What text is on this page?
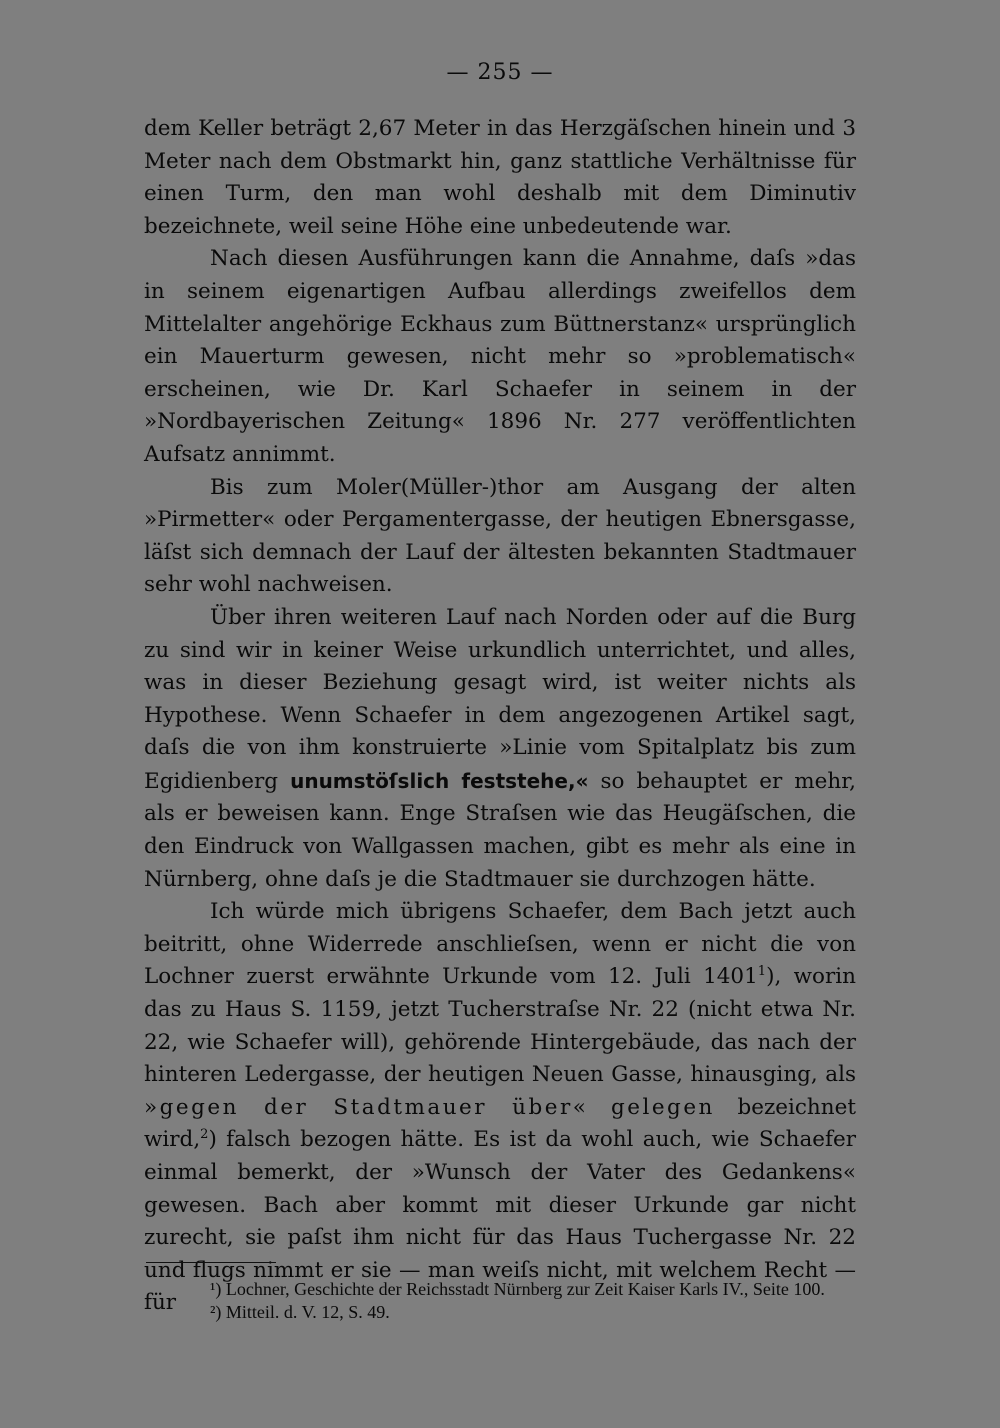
— 255 —

dem Keller beträgt 2,67 Meter in das Herzgäſschen hinein und 3 Meter nach dem Obstmarkt hin, ganz stattliche Verhältnisse für einen Turm, den man wohl deshalb mit dem Diminutiv bezeichnete, weil seine Höhe eine unbedeutende war.

Nach diesen Ausführungen kann die Annahme, daſs »das in seinem eigenartigen Aufbau allerdings zweifellos dem Mittelalter angehörige Eckhaus zum Büttnerstanz« ursprünglich ein Mauerturm gewesen, nicht mehr so »problematisch« erscheinen, wie Dr. Karl Schaefer in seinem in der »Nordbayerischen Zeitung« 1896 Nr. 277 veröffentlichten Aufsatz annimmt.

Bis zum Moler(Müller-)thor am Ausgang der alten »Pirmetter« oder Pergamentergasse, der heutigen Ebnersgasse, läſst sich demnach der Lauf der ältesten bekannten Stadtmauer sehr wohl nachweisen.

Über ihren weiteren Lauf nach Norden oder auf die Burg zu sind wir in keiner Weise urkundlich unterrichtet, und alles, was in dieser Beziehung gesagt wird, ist weiter nichts als Hypothese. Wenn Schaefer in dem angezogenen Artikel sagt, daſs die von ihm konstruierte »Linie vom Spitalplatz bis zum Egidienberg unumstöſslich feststehe,« so behauptet er mehr, als er beweisen kann. Enge Straſsen wie das Heugäſschen, die den Eindruck von Wallgassen machen, gibt es mehr als eine in Nürnberg, ohne daſs je die Stadtmauer sie durchzogen hätte.

Ich würde mich übrigens Schaefer, dem Bach jetzt auch beitritt, ohne Widerrede anschlieſsen, wenn er nicht die von Lochner zuerst erwähnte Urkunde vom 12. Juli 1401$^1$), worin das zu Haus S. 1159, jetzt Tucherstraſse Nr. 22 (nicht etwa Nr. 22, wie Schaefer will), gehörende Hintergebäude, das nach der hinteren Ledergasse, der heutigen Neuen Gasse, hinausging, als »gegen der Stadtmauer über« gelegen bezeichnet wird,$^2$) falsch bezogen hätte. Es ist da wohl auch, wie Schaefer einmal bemerkt, der »Wunsch der Vater des Gedankens« gewesen. Bach aber kommt mit dieser Urkunde gar nicht zurecht, sie paſst ihm nicht für das Haus Tuchergasse Nr. 22 und flugs nimmt er sie — man weiſs nicht, mit welchem Recht — für

¹) Lochner, Geschichte der Reichsstadt Nürnberg zur Zeit Kaiser Karls IV., Seite 100.

²) Mitteil. d. V. 12, S. 49.
